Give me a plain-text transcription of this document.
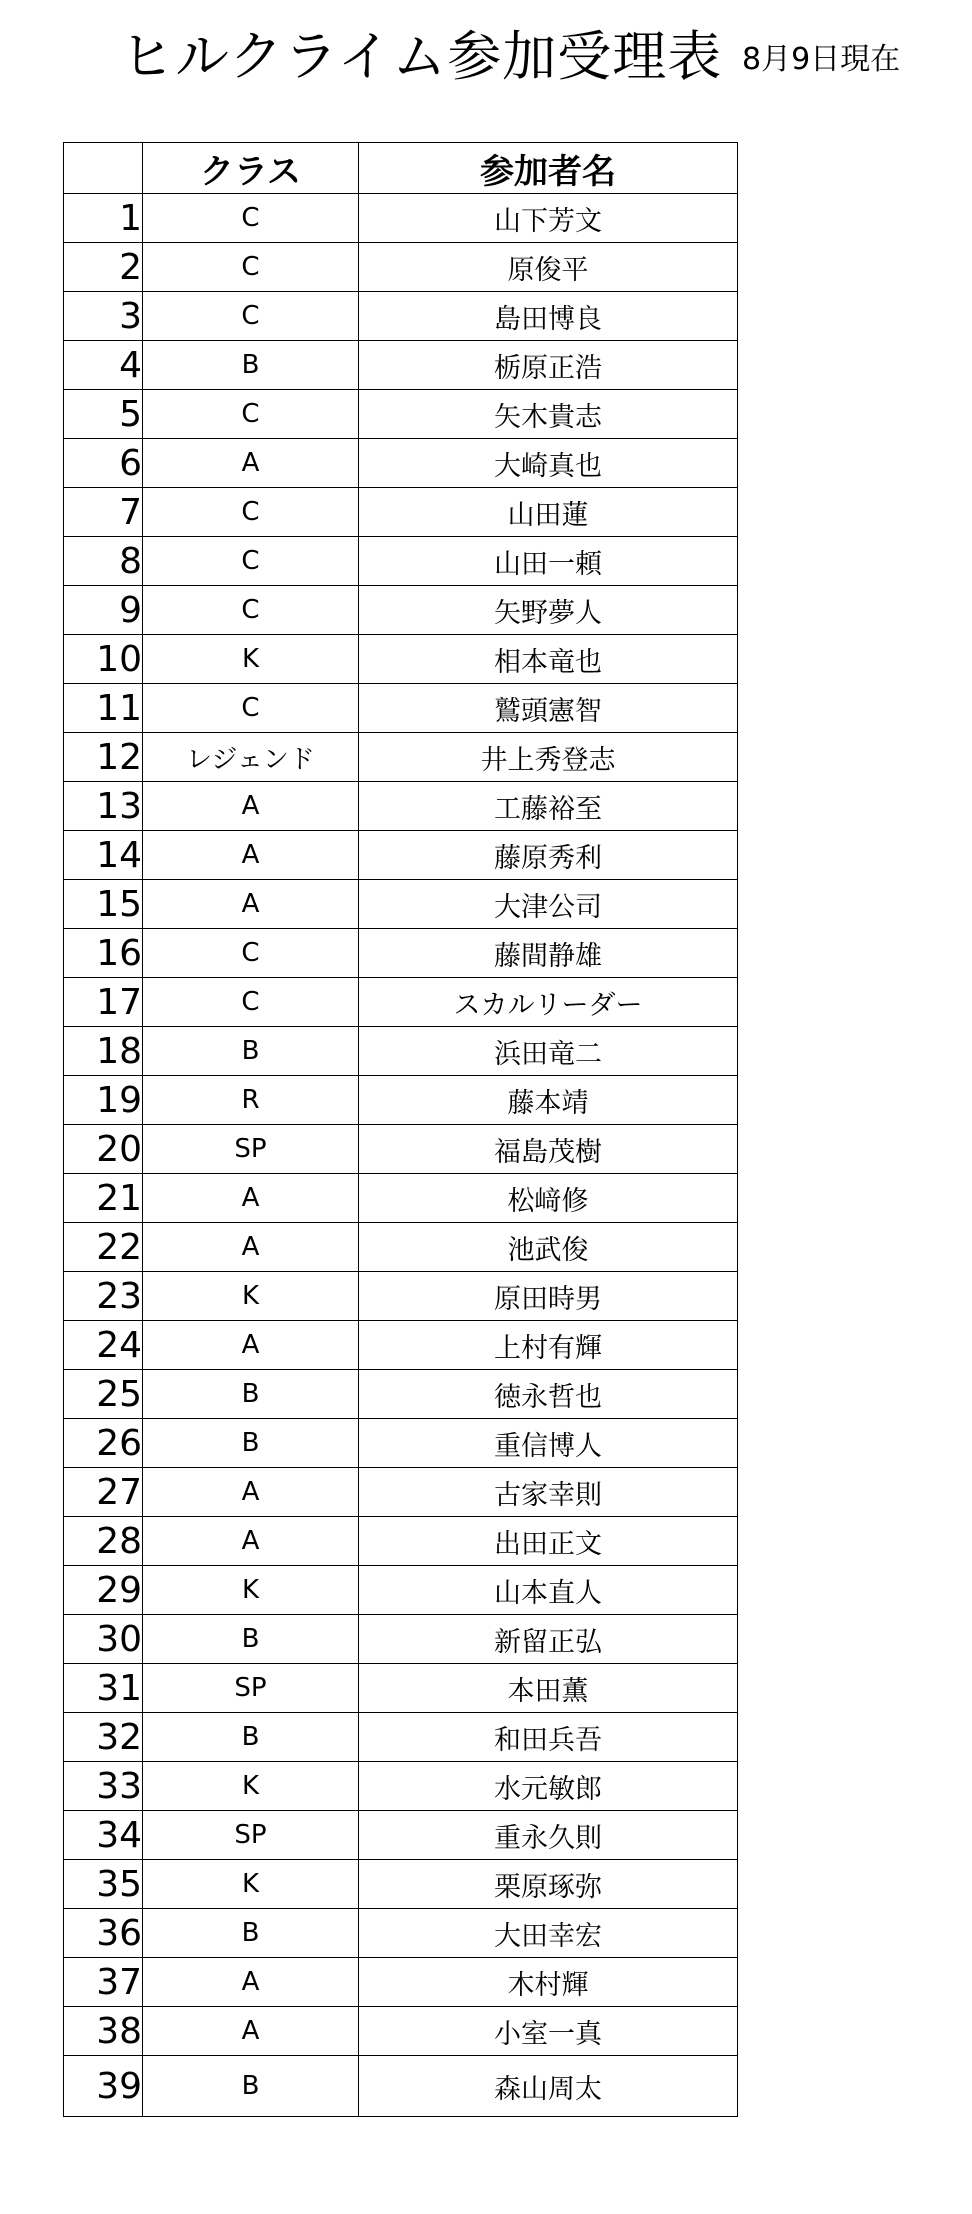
ヒルクライム参加受理表 8月9日現在
	クラス	参加者名
1	C	山下芳文
2	C	原俊平
3	C	島田博良
4	B	栃原正浩
5	C	矢木貴志
6	A	大崎真也
7	C	山田蓮
8	C	山田一頼
9	C	矢野夢人
10	K	相本竜也
11	C	鷲頭憲智
12	レジェンド	井上秀登志
13	A	工藤裕至
14	A	藤原秀利
15	A	大津公司
16	C	藤間静雄
17	C	スカルリーダー
18	B	浜田竜二
19	R	藤本靖
20	SP	福島茂樹
21	A	松﨑修
22	A	池武俊
23	K	原田時男
24	A	上村有輝
25	B	徳永哲也
26	B	重信博人
27	A	古家幸則
28	A	出田正文
29	K	山本直人
30	B	新留正弘
31	SP	本田薫
32	B	和田兵吾
33	K	水元敏郎
34	SP	重永久則
35	K	栗原琢弥
36	B	大田幸宏
37	A	木村輝
38	A	小室一真
39	B	森山周太
